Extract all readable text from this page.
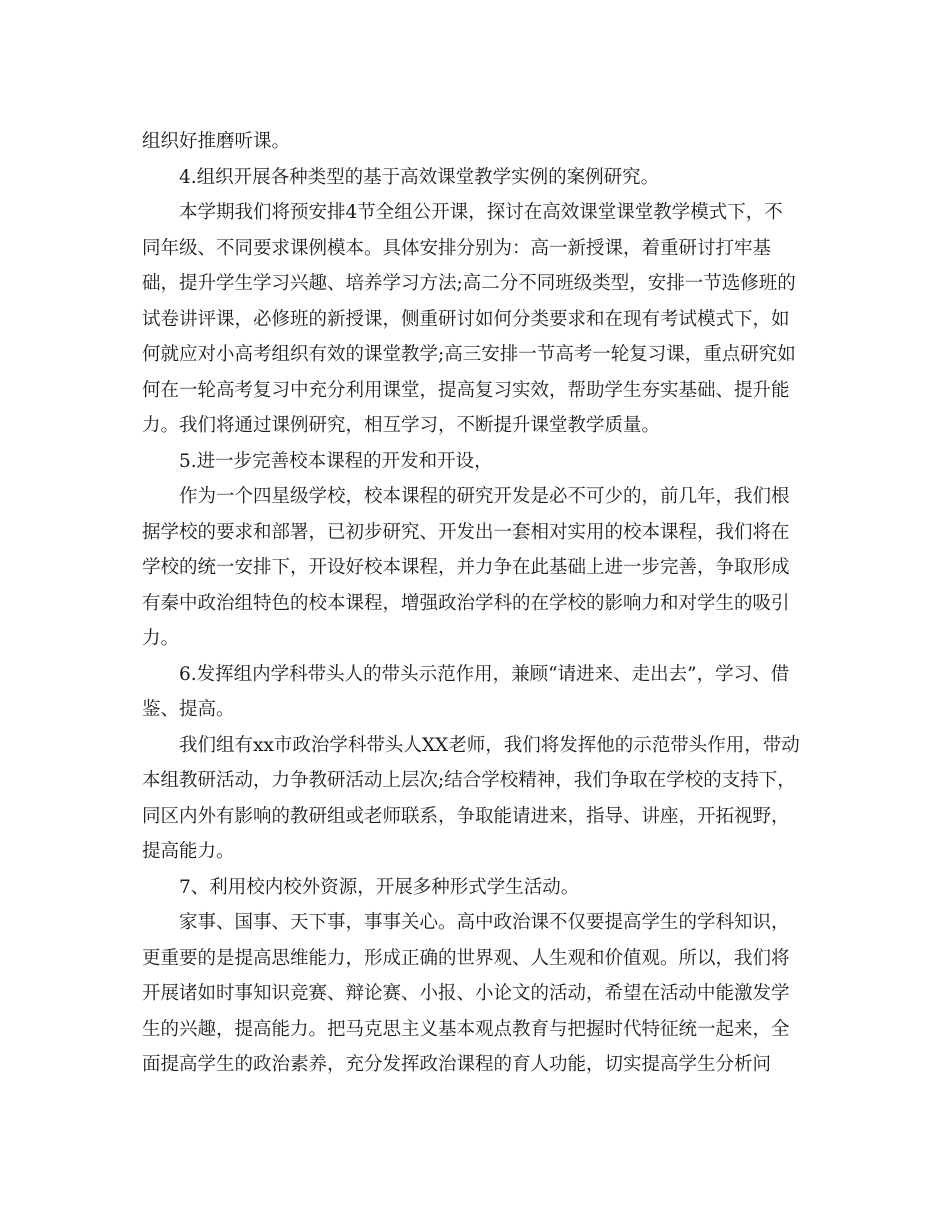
组织好推磨听课。

4.组织开展各种类型的基于高效课堂教学实例的案例研究。

本学期我们将预安排4节全组公开课，探讨在高效课堂课堂教学模式下，不
同年级、不同要求课例模本。具体安排分别为：高一新授课，着重研讨打牢基
础，提升学生学习兴趣、培养学习方法;高二分不同班级类型，安排一节选修班的
试卷讲评课，必修班的新授课，侧重研讨如何分类要求和在现有考试模式下，如
何就应对小高考组织有效的课堂教学;高三安排一节高考一轮复习课，重点研究如
何在一轮高考复习中充分利用课堂，提高复习实效，帮助学生夯实基础、提升能
力。我们将通过课例研究，相互学习，不断提升课堂教学质量。

5.进一步完善校本课程的开发和开设，

作为一个四星级学校，校本课程的研究开发是必不可少的，前几年，我们根
据学校的要求和部署，已初步研究、开发出一套相对实用的校本课程，我们将在
学校的统一安排下，开设好校本课程，并力争在此基础上进一步完善，争取形成
有秦中政治组特色的校本课程，增强政治学科的在学校的影响力和对学生的吸引
力。

6.发挥组内学科带头人的带头示范作用，兼顾“请进来、走出去”，学习、借
鉴、提高。

我们组有xx市政治学科带头人XX老师，我们将发挥他的示范带头作用，带动
本组教研活动，力争教研活动上层次;结合学校精神，我们争取在学校的支持下，
同区内外有影响的教研组或老师联系，争取能请进来，指导、讲座，开拓视野，
提高能力。

7、利用校内校外资源，开展多种形式学生活动。

家事、国事、天下事，事事关心。高中政治课不仅要提高学生的学科知识，
更重要的是提高思维能力，形成正确的世界观、人生观和价值观。所以，我们将
开展诸如时事知识竞赛、辩论赛、小报、小论文的活动，希望在活动中能激发学
生的兴趣，提高能力。把马克思主义基本观点教育与把握时代特征统一起来，全
面提高学生的政治素养，充分发挥政治课程的育人功能，切实提高学生分析问
